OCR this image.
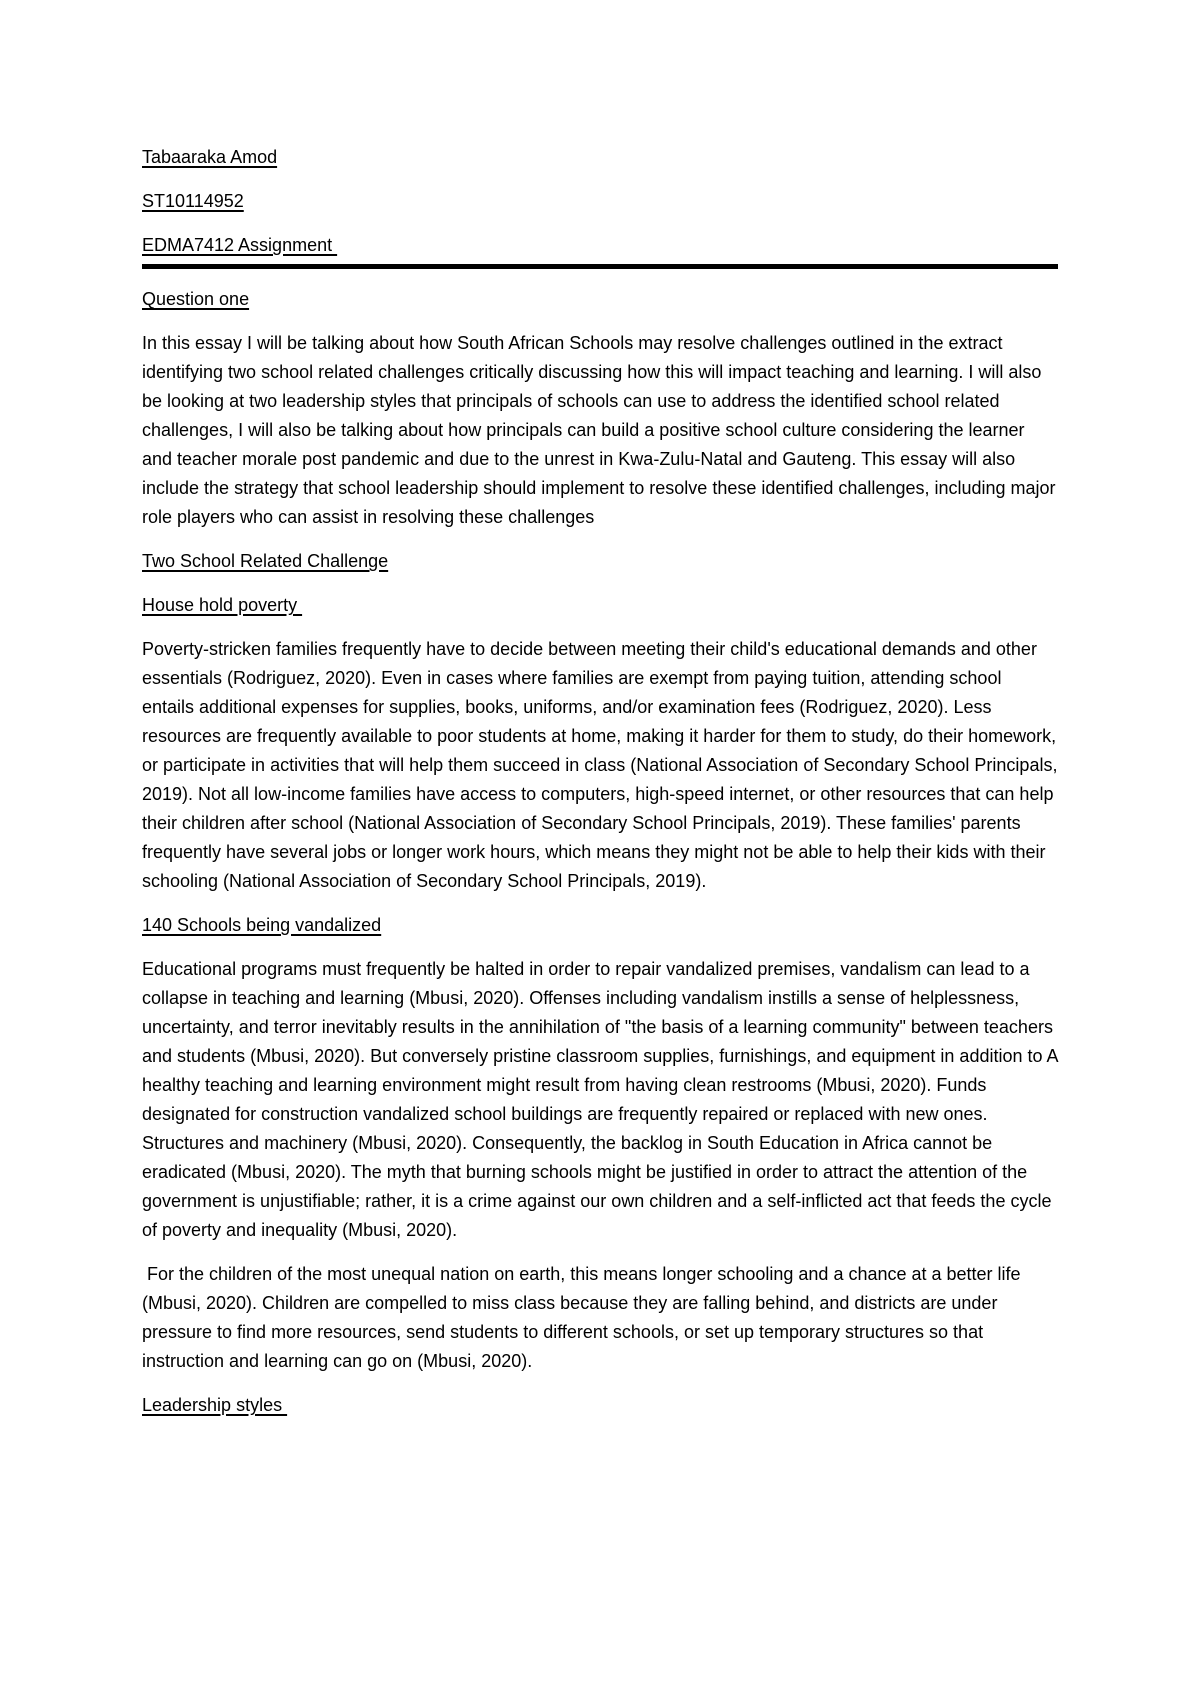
Tabaaraka Amod

ST10114952

EDMA7412 Assignment

Question one

In this essay I will be talking about how South African Schools may resolve challenges outlined in the extract identifying two school related challenges critically discussing how this will impact teaching and learning. I will also be looking at two leadership styles that principals of schools can use to address the identified school related challenges, I will also be talking about how principals can build a positive school culture considering the learner and teacher morale post pandemic and due to the unrest in Kwa-Zulu-Natal and Gauteng. This essay will also include the strategy that school leadership should implement to resolve these identified challenges, including major role players who can assist in resolving these challenges

Two School Related Challenge

House hold poverty

Poverty-stricken families frequently have to decide between meeting their child's educational demands and other essentials (Rodriguez, 2020). Even in cases where families are exempt from paying tuition, attending school entails additional expenses for supplies, books, uniforms, and/or examination fees (Rodriguez, 2020). Less resources are frequently available to poor students at home, making it harder for them to study, do their homework, or participate in activities that will help them succeed in class (National Association of Secondary School Principals, 2019). Not all low-income families have access to computers, high-speed internet, or other resources that can help their children after school (National Association of Secondary School Principals, 2019). These families' parents frequently have several jobs or longer work hours, which means they might not be able to help their kids with their schooling (National Association of Secondary School Principals, 2019).

140 Schools being vandalized

Educational programs must frequently be halted in order to repair vandalized premises, vandalism can lead to a collapse in teaching and learning (Mbusi, 2020). Offenses including vandalism instills a sense of helplessness, uncertainty, and terror inevitably results in the annihilation of "the basis of a learning community" between teachers and students (Mbusi, 2020). But conversely pristine classroom supplies, furnishings, and equipment in addition to A healthy teaching and learning environment might result from having clean restrooms (Mbusi, 2020). Funds designated for construction vandalized school buildings are frequently repaired or replaced with new ones. Structures and machinery (Mbusi, 2020). Consequently, the backlog in South Education in Africa cannot be eradicated (Mbusi, 2020). The myth that burning schools might be justified in order to attract the attention of the government is unjustifiable; rather, it is a crime against our own children and a self-inflicted act that feeds the cycle of poverty and inequality (Mbusi, 2020).

For the children of the most unequal nation on earth, this means longer schooling and a chance at a better life (Mbusi, 2020). Children are compelled to miss class because they are falling behind, and districts are under pressure to find more resources, send students to different schools, or set up temporary structures so that instruction and learning can go on (Mbusi, 2020).

Leadership styles
